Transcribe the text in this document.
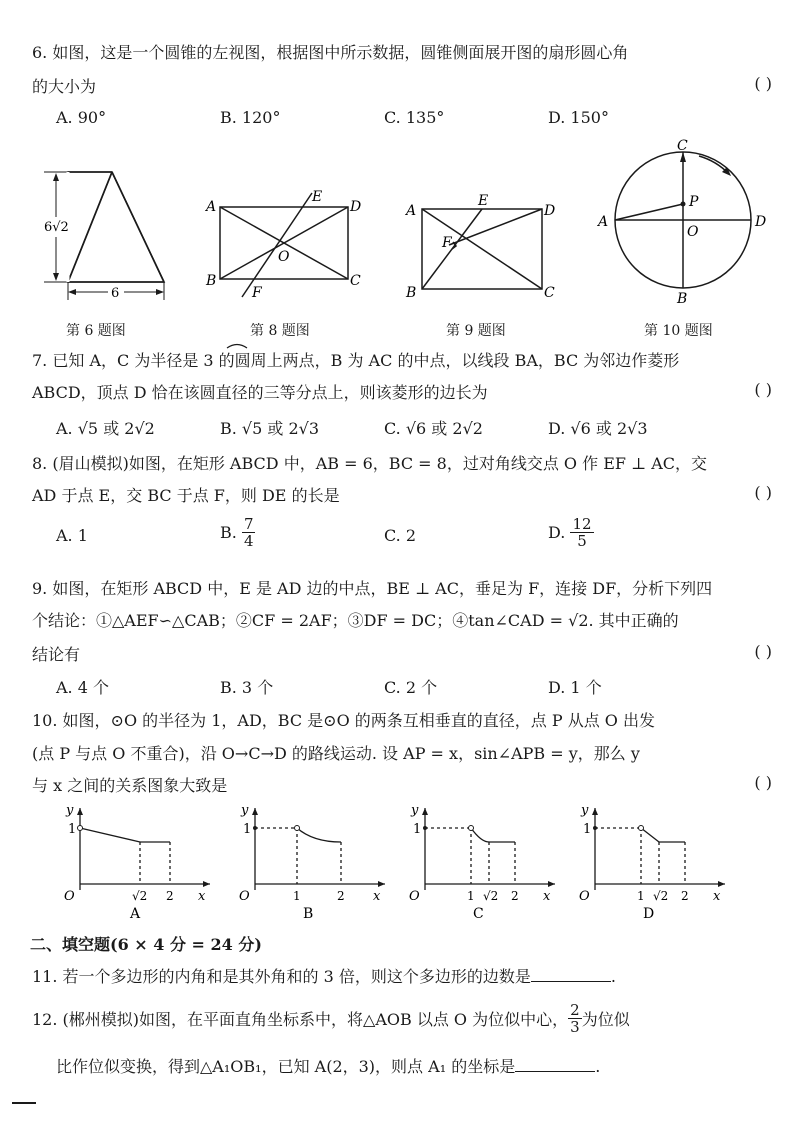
6. 如图，这是一个圆锥的左视图，根据图中所示数据，圆锥侧面展开图的扇形圆心角
的大小为	( )
A. 90°	B. 120°	C. 135°	D. 150°
6√2
6
A
B	C
D
E
F
O
A
B	C
D
E
F
A
B
C
D
O
P
第 6 题图	第 8 题图	第 9 题图	第 10 题图
7. 已知 A，C 为半径是 3 的圆周上两点，B 为 AC 的中点，以线段 BA，BC 为邻边作菱形
ABCD，顶点 D 恰在该圆直径的三等分点上，则该菱形的边长为	( )
A. √5 或 2√2	B. √5 或 2√3	C. √6 或 2√2	D. √6 或 2√3
8. (眉山模拟)如图，在矩形 ABCD 中，AB = 6，BC = 8，过对角线交点 O 作 EF ⊥ AC，交
AD 于点 E，交 BC 于点 F，则 DE 的长是	( )
A. 1	B. $\frac{7}{4}$	C. 2	D. $\frac{12}{5}$
9. 如图，在矩形 ABCD 中，E 是 AD 边的中点，BE ⊥ AC，垂足为 F，连接 DF，分析下列四
个结论：①△AEF∽△CAB；②CF = 2AF；③DF = DC；④tan∠CAD = √2. 其中正确的
结论有	( )
A. 4 个	B. 3 个	C. 2 个	D. 1 个
10. 如图，⊙O 的半径为 1，AD，BC 是⊙O 的两条互相垂直的直径，点 P 从点 O 出发
(点 P 与点 O 不重合)，沿 O→C→D 的路线运动. 设 AP = x，sin∠APB = y，那么 y
与 x 之间的关系图象大致是	( )
y
1
O	√2 2 x
A
y
1
O	1	2 x
B
y
1
O	1 √2 2 x
C
y
1
O	1 √2 2 x
D
二、填空题(6 × 4 分 = 24 分)
11. 若一个多边形的内角和是其外角和的 3 倍，则这个多边形的边数是	.
12. (郴州模拟)如图，在平面直角坐标系中，将△AOB 以点 O 为位似中心， $\frac{2}{3}$ 为位似
比作位似变换，得到△A₁OB₁，已知 A(2，3)，则点 A₁ 的坐标是	.
